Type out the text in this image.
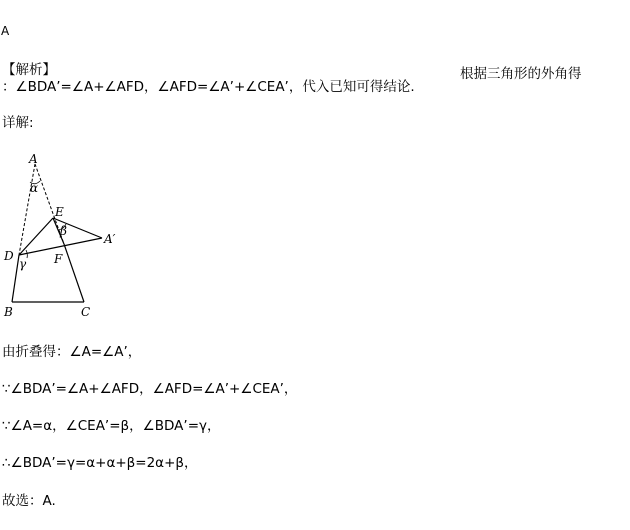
A
【解析】	根据三角形的外角得
：∠BDA’=∠A+∠AFD，∠AFD=∠A’+∠CEA’，代入已知可得结论.
详解:
A
α
E
β
A′
D
γ F
B	C
由折叠得：∠A=∠A’，
∵∠BDA’=∠A+∠AFD，∠AFD=∠A’+∠CEA’，
∵∠A=α，∠CEA’=β，∠BDA’=γ，
∴∠BDA’=γ=α+α+β=2α+β，
故选：A.
